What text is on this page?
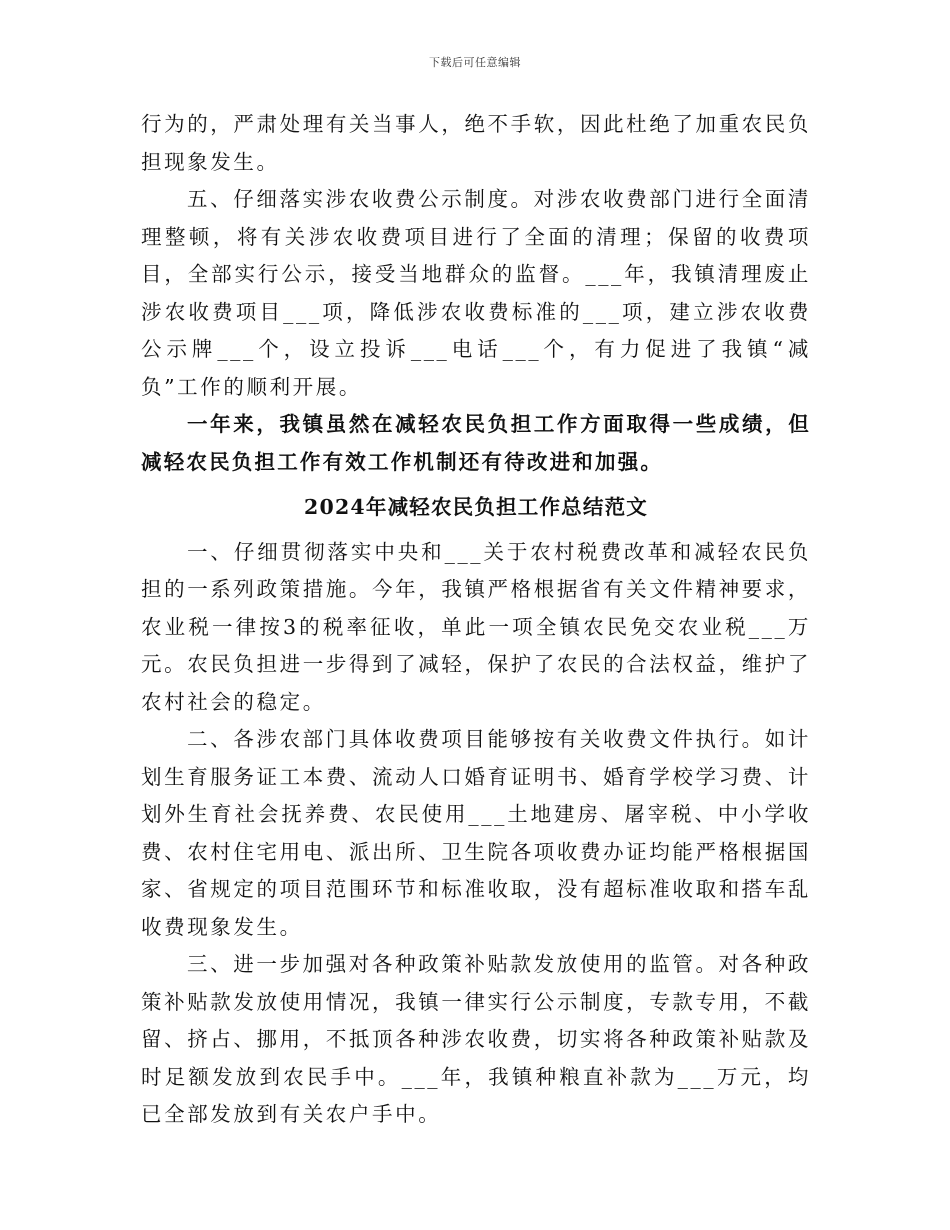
下载后可任意编辑

行为的，严肃处理有关当事人，绝不手软，因此杜绝了加重农民负担现象发生。

五、仔细落实涉农收费公示制度。对涉农收费部门进行全面清理整顿，将有关涉农收费项目进行了全面的清理；保留的收费项目，全部实行公示，接受当地群众的监督。___年，我镇清理废止涉农收费项目___项，降低涉农收费标准的___项，建立涉农收费公示牌___个，设立投诉___电话___个，有力促进了我镇“减负”工作的顺利开展。

一年来，我镇虽然在减轻农民负担工作方面取得一些成绩，但减轻农民负担工作有效工作机制还有待改进和加强。

2024年减轻农民负担工作总结范文

一、仔细贯彻落实中央和___关于农村税费改革和减轻农民负担的一系列政策措施。今年，我镇严格根据省有关文件精神要求，农业税一律按3的税率征收，单此一项全镇农民免交农业税___万元。农民负担进一步得到了减轻，保护了农民的合法权益，维护了农村社会的稳定。

二、各涉农部门具体收费项目能够按有关收费文件执行。如计划生育服务证工本费、流动人口婚育证明书、婚育学校学习费、计划外生育社会抚养费、农民使用___土地建房、屠宰税、中小学收费、农村住宅用电、派出所、卫生院各项收费办证均能严格根据国家、省规定的项目范围环节和标准收取，没有超标准收取和搭车乱收费现象发生。

三、进一步加强对各种政策补贴款发放使用的监管。对各种政策补贴款发放使用情况，我镇一律实行公示制度，专款专用，不截留、挤占、挪用，不抵顶各种涉农收费，切实将各种政策补贴款及时足额发放到农民手中。___年，我镇种粮直补款为___万元，均已全部发放到有关农户手中。
